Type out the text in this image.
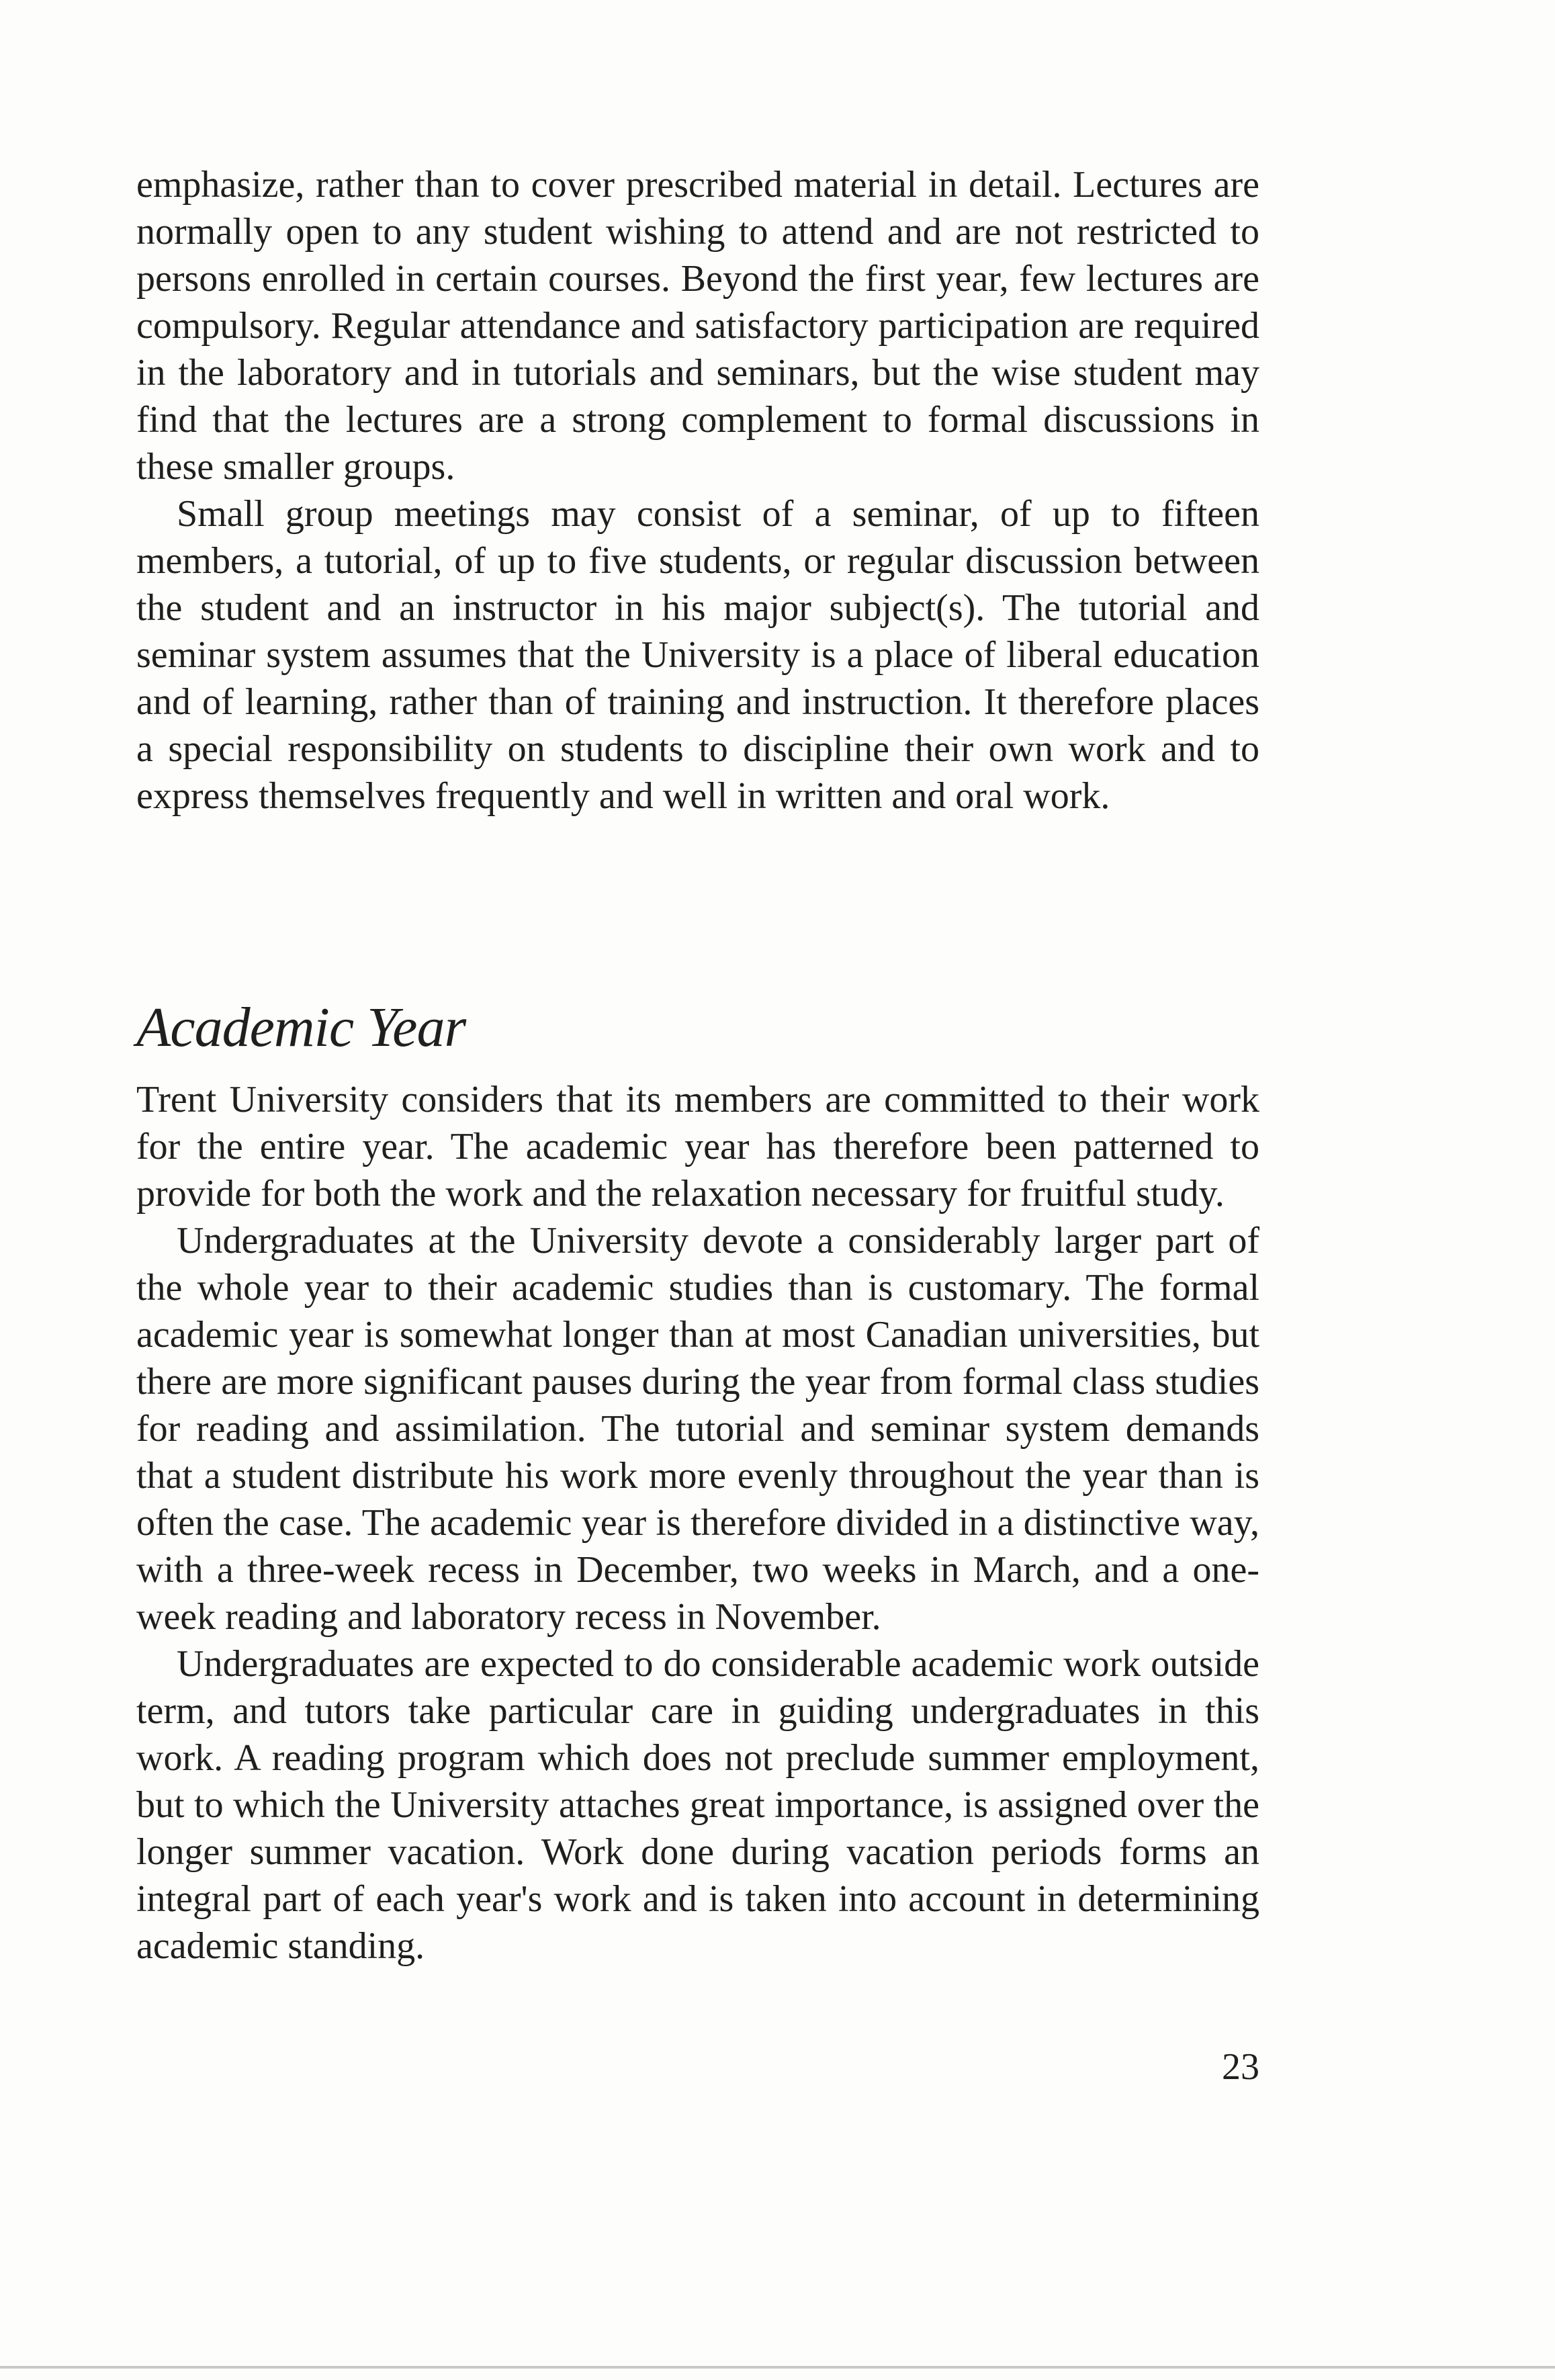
emphasize, rather than to cover prescribed material in detail. Lectures are normally open to any student wishing to attend and are not restricted to persons enrolled in certain courses. Beyond the first year, few lectures are compulsory. Regular attendance and satisfactory participation are required in the laboratory and in tutorials and seminars, but the wise student may find that the lectures are a strong complement to formal discussions in these smaller groups.

Small group meetings may consist of a seminar, of up to fifteen members, a tutorial, of up to five students, or regular discussion between the student and an instructor in his major subject(s). The tutorial and seminar system assumes that the University is a place of liberal education and of learning, rather than of training and instruction. It therefore places a special responsibility on students to discipline their own work and to express themselves frequently and well in written and oral work.

Academic Year

Trent University considers that its members are committed to their work for the entire year. The academic year has therefore been patterned to provide for both the work and the relaxation necessary for fruitful study.

Undergraduates at the University devote a considerably larger part of the whole year to their academic studies than is customary. The formal academic year is somewhat longer than at most Canadian universities, but there are more significant pauses during the year from formal class studies for reading and assimilation. The tutorial and seminar system demands that a student distribute his work more evenly throughout the year than is often the case. The academic year is therefore divided in a distinctive way, with a three-week recess in December, two weeks in March, and a one-week reading and laboratory recess in November.

Undergraduates are expected to do considerable academic work outside term, and tutors take particular care in guiding undergraduates in this work. A reading program which does not preclude summer employment, but to which the University attaches great importance, is assigned over the longer summer vacation. Work done during vacation periods forms an integral part of each year's work and is taken into account in determining academic standing.

23
